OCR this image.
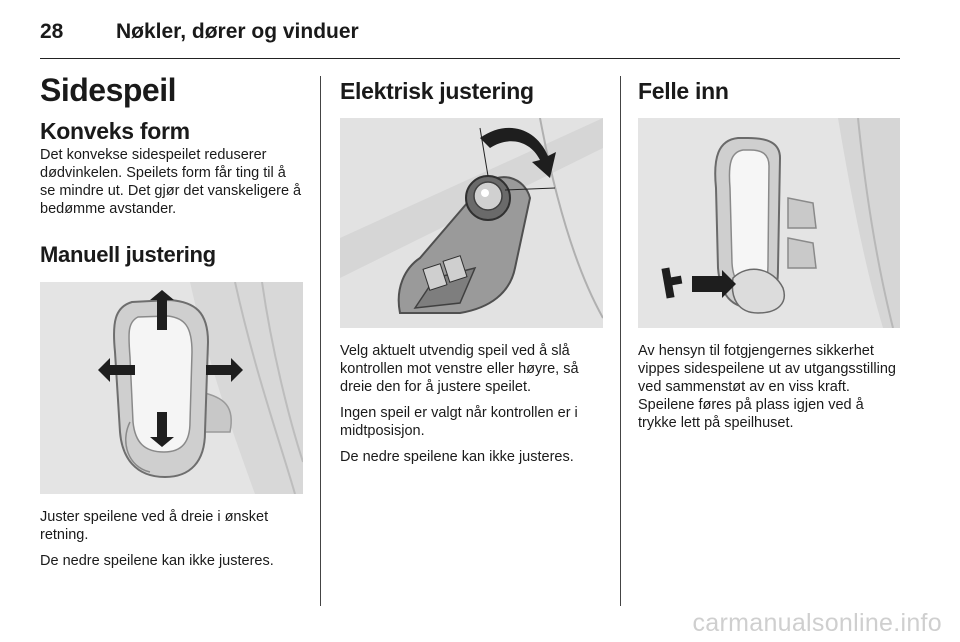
28	Nøkler, dører og vinduer
Sidespeil
Konveks form

Det konvekse sidespeilet reduserer dødvinkelen. Speilets form får ting til å se mindre ut. Det gjør det vanskeligere å bedømme avstander.

Manuell justering

Juster speilene ved å dreie i ønsket retning.

De nedre speilene kan ikke justeres.

Elektrisk justering

Velg aktuelt utvendig speil ved å slå kontrollen mot venstre eller høyre, så dreie den for å justere speilet.

Ingen speil er valgt når kontrollen er i midtposisjon.

De nedre speilene kan ikke justeres.

Felle inn

Av hensyn til fotgjengernes sikkerhet vippes sidespeilene ut av utgangsstilling ved sammenstøt av en viss kraft. Speilene føres på plass igjen ved å trykke lett på speilhuset.

carmanualsonline.info
